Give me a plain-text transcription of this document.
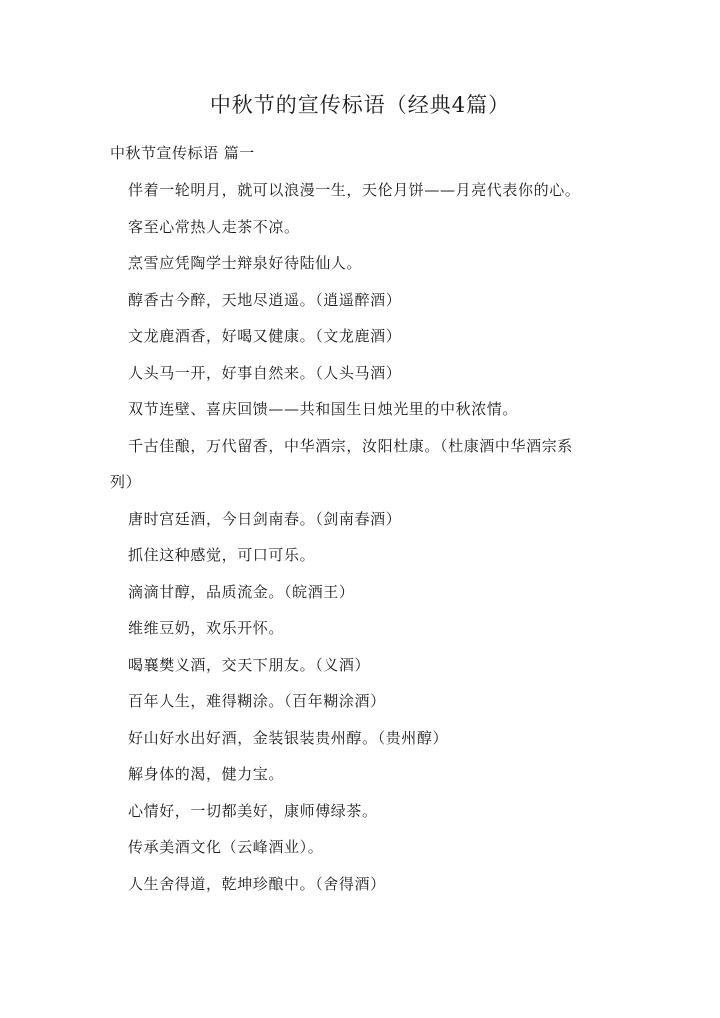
中秋节的宣传标语（经典4篇）
中秋节宣传标语 篇一
伴着一轮明月，就可以浪漫一生，天伦月饼——月亮代表你的心。
客至心常热人走茶不凉。
烹雪应凭陶学士辩泉好待陆仙人。
醇香古今醉，天地尽逍遥。（逍遥醉酒）
文龙鹿酒香，好喝又健康。（文龙鹿酒）
人头马一开，好事自然来。（人头马酒）
双节连壁、喜庆回馈——共和国生日烛光里的中秋浓情。
千古佳酿，万代留香，中华酒宗，汝阳杜康。（杜康酒中华酒宗系
列）
唐时宫廷酒，今日剑南春。（剑南春酒）
抓住这种感觉，可口可乐。
滴滴甘醇，品质流金。（皖酒王）
维维豆奶，欢乐开怀。
喝襄樊义酒，交天下朋友。（义酒）
百年人生，难得糊涂。（百年糊涂酒）
好山好水出好酒，金装银装贵州醇。（贵州醇）
解身体的渴，健力宝。
心情好，一切都美好，康师傅绿茶。
传承美酒文化（云峰酒业）。
人生舍得道，乾坤珍酿中。（舍得酒）
